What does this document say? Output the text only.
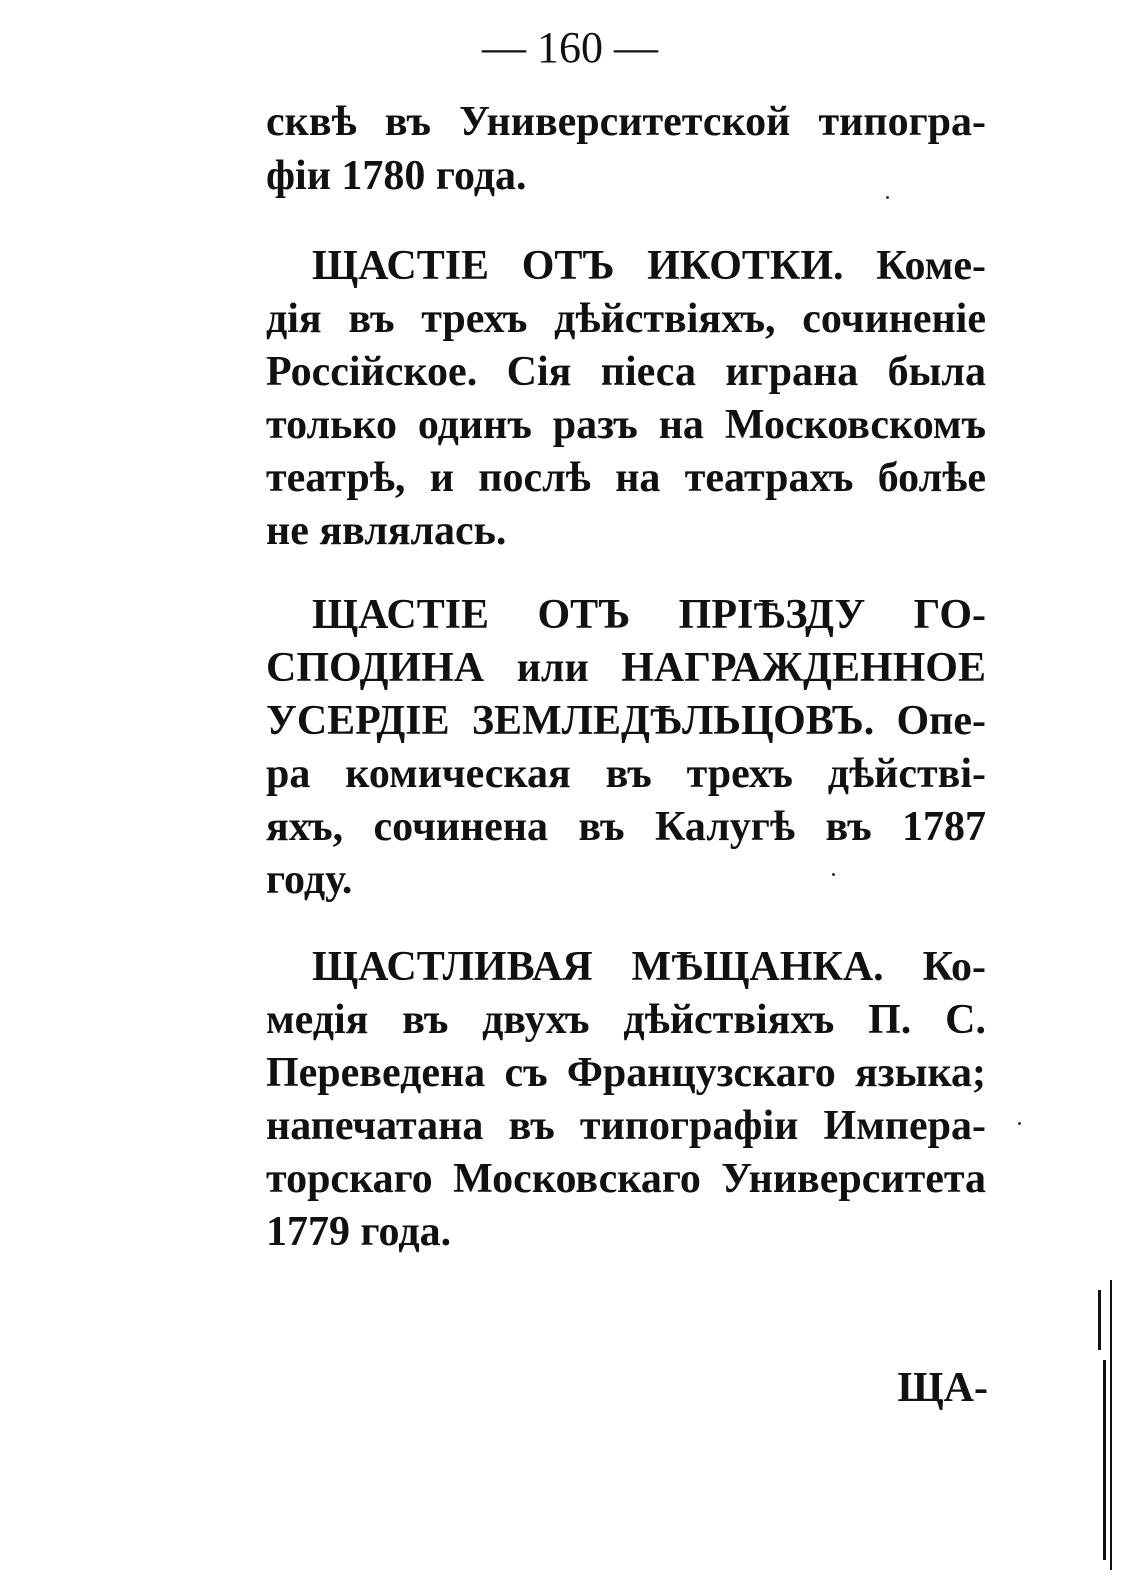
— 160 —
сквѣ въ Университетской типогра-
фіи 1780 года.
ЩАСТІЕ ОТЪ ИКОТКИ. Коме-
дія въ трехъ дѣйствіяхъ, сочиненіе
Россійское. Сія піеса играна была
только одинъ разъ на Московскомъ
театрѣ, и послѣ на театрахъ болѣе
не являлась.
ЩАСТІЕ ОТЪ ПРІѢЗДУ ГО-
СПОДИНА или НАГРАЖДЕННОЕ
УСЕРДІЕ ЗЕМЛЕДѢЛЬЦОВЪ. Опе-
ра комическая въ трехъ дѣйстві-
яхъ, сочинена въ Калугѣ въ 1787
году.
ЩАСТЛИВАЯ МѢЩАНКА. Ко-
медія въ двухъ дѣйствіяхъ П. С.
Переведена съ Французскаго языка;
напечатана въ типографіи Импера-
торскаго Московскаго Университета
1779 года.
ЩА-
